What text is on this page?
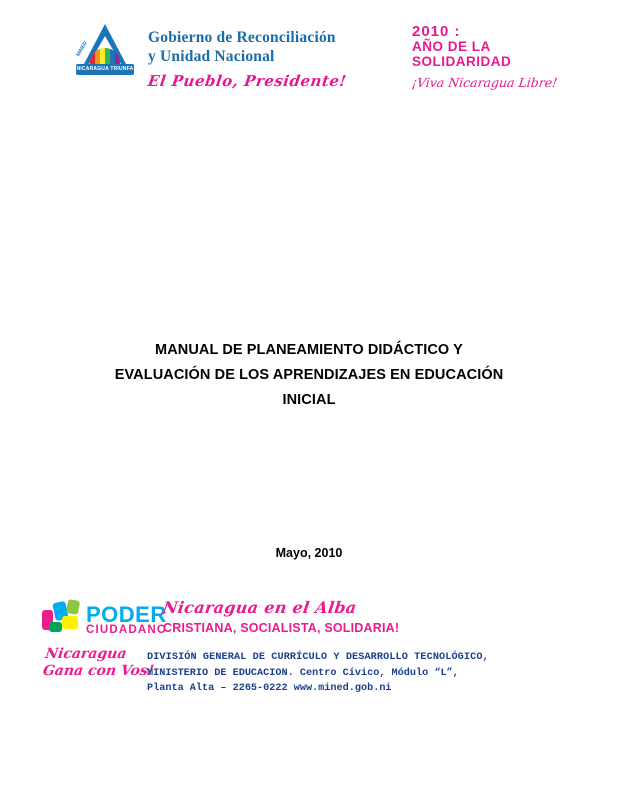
MINED
NICARAGUA TRIUNFA
Gobierno de Reconciliación
y Unidad Nacional
El Pueblo, Presidente!
2010 :
AÑO DE LA
SOLIDARIDAD
¡Viva Nicaragua Libre!
MANUAL DE PLANEAMIENTO DIDÁCTICO Y
EVALUACIÓN DE LOS APRENDIZAJES EN EDUCACIÓN
INICIAL
Mayo, 2010
PODER
CIUDADANO
Nicaragua
Gana con Vos!
Nicaragua en el Alba
CRISTIANA, SOCIALISTA, SOLIDARIA!
DIVISIÓN GENERAL DE CURRÍCULO Y DESARROLLO TECNOLÓGICO,
MINISTERIO DE EDUCACION. Centro Cívico, Módulo “L”,
Planta Alta – 2265-0222 www.mined.gob.ni
